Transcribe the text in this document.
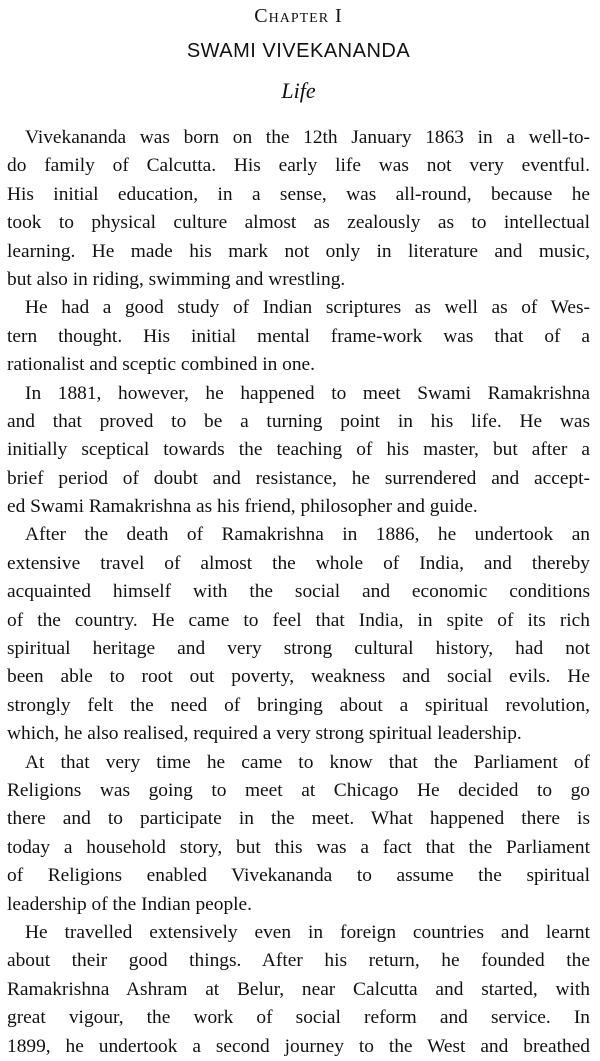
Chapter I
SWAMI VIVEKANANDA
Life

Vivekananda was born on the 12th January 1863 in a well-to-
do family of Calcutta. His early life was not very eventful.
His initial education, in a sense, was all-round, because he
took to physical culture almost as zealously as to intellectual
learning. He made his mark not only in literature and music,
but also in riding, swimming and wrestling.

He had a good study of Indian scriptures as well as of Wes-
tern thought. His initial mental frame-work was that of a
rationalist and sceptic combined in one.

In 1881, however, he happened to meet Swami Ramakrishna
and that proved to be a turning point in his life. He was
initially sceptical towards the teaching of his master, but after a
brief period of doubt and resistance, he surrendered and accept-
ed Swami Ramakrishna as his friend, philosopher and guide.

After the death of Ramakrishna in 1886, he undertook an
extensive travel of almost the whole of India, and thereby
acquainted himself with the social and economic conditions
of the country. He came to feel that India, in spite of its rich
spiritual heritage and very strong cultural history, had not
been able to root out poverty, weakness and social evils. He
strongly felt the need of bringing about a spiritual revolution,
which, he also realised, required a very strong spiritual leadership.

At that very time he came to know that the Parliament of
Religions was going to meet at Chicago He decided to go
there and to participate in the meet. What happened there is
today a household story, but this was a fact that the Parliament
of Religions enabled Vivekananda to assume the spiritual
leadership of the Indian people.

He travelled extensively even in foreign countries and learnt
about their good things. After his return, he founded the
Ramakrishna Ashram at Belur, near Calcutta and started, with
great vigour, the work of social reform and service. In
1899, he undertook a second journey to the West and breathed
